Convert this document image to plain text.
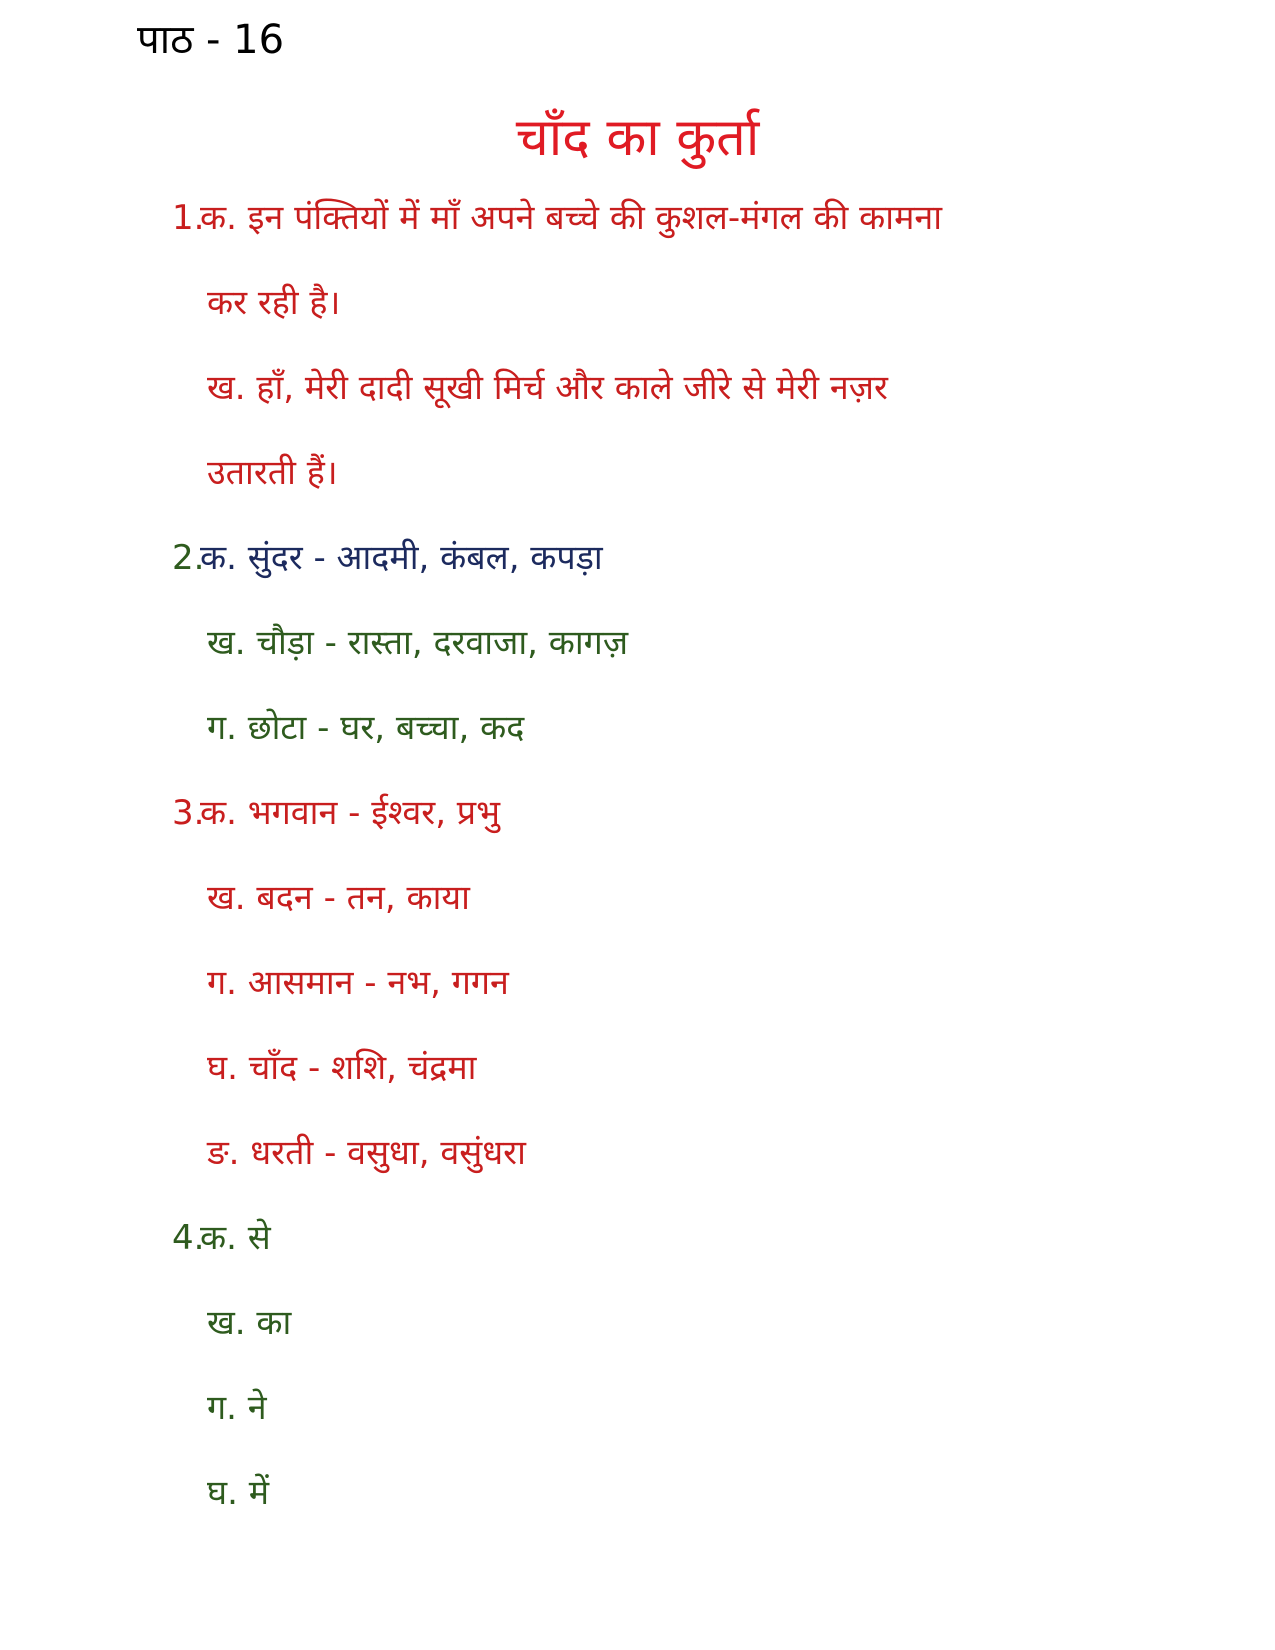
पाठ - 16
चाँद का कुर्ता
1.
क. इन पंक्तियों में माँ अपने बच्चे की कुशल-मंगल की कामना
कर रही है।
ख. हाँ, मेरी दादी सूखी मिर्च और काले जीरे से मेरी नज़र
उतारती हैं।
2.
क. सुंदर - आदमी, कंबल, कपड़ा
ख. चौड़ा - रास्ता, दरवाजा, कागज़
ग. छोटा - घर, बच्चा, कद
3.
क. भगवान - ईश्वर, प्रभु
ख. बदन - तन, काया
ग. आसमान - नभ, गगन
घ. चाँद - शशि, चंद्रमा
ङ. धरती - वसुधा, वसुंधरा
4.
क. से
ख. का
ग. ने
घ. में
